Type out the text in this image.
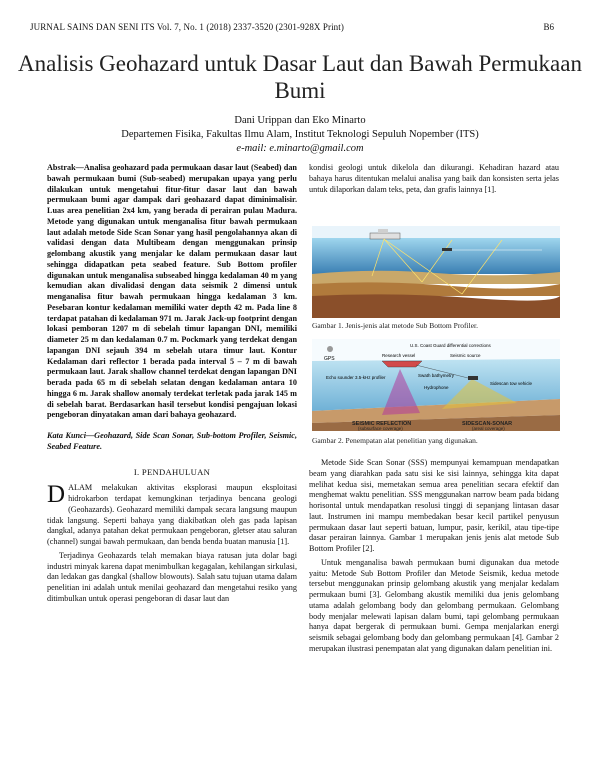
JURNAL SAINS DAN SENI ITS Vol. 7, No. 1 (2018) 2337-3520 (2301-928X Print)	B6
Analisis Geohazard untuk Dasar Laut dan Bawah Permukaan Bumi
Dani Urippan dan Eko Minarto
Departemen Fisika, Fakultas Ilmu Alam, Institut Teknologi Sepuluh Nopember (ITS)
e-mail: e.minarto@gmail.com
Abstrak—Analisa geohazard pada permukaan dasar laut (Seabed) dan bawah permukaan bumi (Sub-seabed) merupakan upaya yang perlu dilakukan untuk mengetahui fitur-fitur dasar laut dan bawah permukaan bumi agar dampak dari geohazard dapat diminimalisir. Luas area penelitian 2x4 km, yang berada di perairan pulau Madura. Metode yang digunakan untuk menganalisa fitur bawah permukaan laut adalah metode Side Scan Sonar yang hasil pengolahannya akan di validasi dengan data Multibeam dengan menggunakan prinsip gelombang akustik yang menjalar ke dalam permukaan dasar laut sehingga didapatkan peta seabed feature. Sub Bottom profiler digunakan untuk menganalisa subseabed hingga kedalaman 40 m yang kemudian akan divalidasi dengan data seismik 2 dimensi untuk menganalisa fitur bawah permukaan hingga kedalaman 3 km. Pesebaran kontur kedalaman memiliki water depth 42 m. Pada line 8 terdapat patahan di kedalaman 971 m. Jarak Jack-up footprint dengan lokasi pemboran 1207 m di sebelah timur lapangan DNI, memiliki diameter 25 m dan kedalaman 0.7 m. Pockmark yang terdekat dengan lapangan DNI sejauh 394 m sebelah utara timur laut. Kontur Kedalaman dari reflector 1 berada pada interval 5 – 7 m di bawah permukaan laut. Jarak shallow channel terdekat dengan lapangan DNI berada pada 65 m di sebelah selatan dengan kedalaman antara 10 hingga 6 m. Jarak shallow anomaly terdekat terletak pada jarak 145 m di sebelah barat. Berdasarkan hasil tersebut kondisi pengajuan lokasi pengeboran dinyatakan aman dari bahaya geohazard.
Kata Kunci—Geohazard, Side Scan Sonar, Sub-bottom Profiler, Seismic, Seabed Feature.
I. PENDAHULUAN

DALAM melakukan aktivitas eksplorasi maupun eksploitasi hidrokarbon terdapat kemungkinan terjadinya bencana geologi (Geohazards). Geohazard memiliki dampak secara langsung maupun tidak langsung. Seperti bahaya yang diakibatkan oleh gas pada lapisan dangkal, adanya patahan dekat permukaan pengeboran, gletser atau saluran (channel) sungai bawah permukaan, dan benda benda buatan manusia [1].

Terjadinya Geohazards telah memakan biaya ratusan juta dolar bagi industri minyak karena dapat menimbulkan kegagalan, kehilangan sirkulasi, dan ledakan gas dangkal (shallow blowouts). Salah satu tujuan utama dalam penelitian ini adalah untuk menilai geohazard dan mengetahui resiko yang ditimbulkan untuk operasi pengeboran di dasar laut dan

kondisi geologi untuk dikelola dan dikurangi. Kehadiran hazard atau bahaya harus ditentukan melalui analisa yang baik dan konsisten serta jelas untuk dilaporkan dalam teks, peta, dan grafis lainnya [1].

Gambar 1. Jenis-jenis alat metode Sub Bottom Profiler.
GPS
U.S. Coast Guard differential corrections
Research vessel	Seismic source
Echo sounder 3.5-kHz profiler	Swath bathymetry
Hydrophone
Sidescan tow vehicle
SEISMIC REFLECTION
(subsurface coverage)
SIDESCAN-SONAR
(areal coverage)
Gambar 2. Penempatan alat penelitian yang digunakan.

Metode Side Scan Sonar (SSS) mempunyai kemampuan mendapatkan beam yang diarahkan pada satu sisi ke sisi lainnya, sehingga kita dapat melihat kedua sisi, memetakan semua area penelitian secara efektif dan menghemat waktu penelitian. SSS menggunakan narrow beam pada bidang horisontal untuk mendapatkan resolusi tinggi di sepanjang lintasan dasar laut. Instrumen ini mampu membedakan besar kecil partikel penyusun permukaan dasar laut seperti batuan, lumpur, pasir, kerikil, atau tipe-tipe dasar perairan lainnya. Gambar 1 merupakan jenis jenis alat metode Sub Bottom Profiler [2].

Untuk menganalisa bawah permukaan bumi digunakan dua metode yaitu: Metode Sub Bottom Profiler dan Metode Seismik, kedua metode tersebut menggunakan prinsip gelombang akustik yang menjalar kedalam permukaan bumi [3]. Gelombang akustik memiliki dua jenis gelombang utama adalah gelombang body dan gelombang permukaan. Gelombang body menjalar melewati lapisan dalam bumi, tapi gelombang permukaan hanya dapat bergerak di permukaan bumi. Gempa menjalarkan energi seismik sebagai gelombang body dan gelombang permukaan [4]. Gambar 2 merupakan ilustrasi penempatan alat yang digunakan dalam penelitian ini.
